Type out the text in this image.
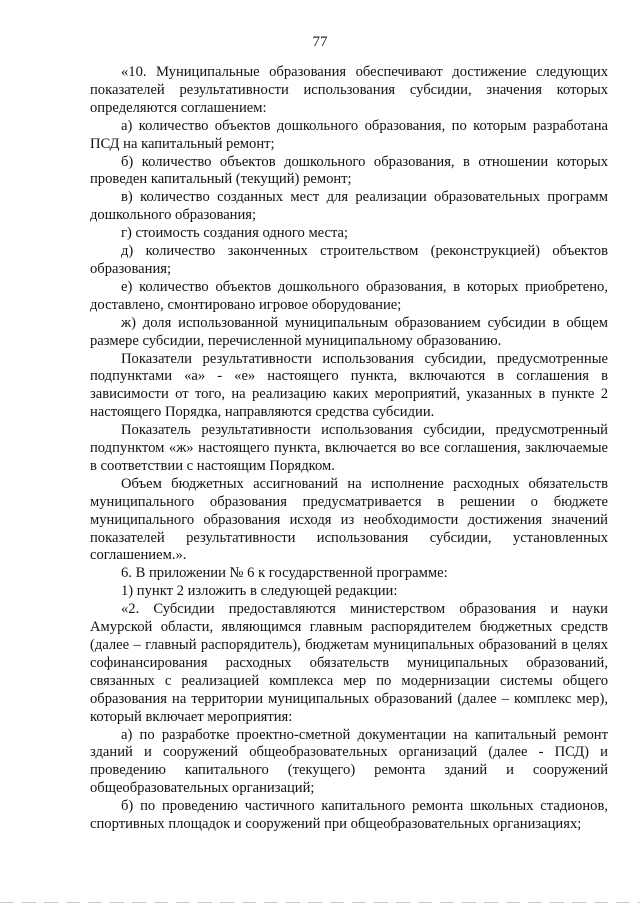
77

«10. Муниципальные образования обеспечивают достижение следующих показателей результативности использования субсидии, значения которых определяются соглашением:

а) количество объектов дошкольного образования, по которым разработана ПСД на капитальный ремонт;

б) количество объектов дошкольного образования, в отношении которых проведен капитальный (текущий) ремонт;

в) количество созданных мест для реализации образовательных программ дошкольного образования;

г) стоимость создания одного места;

д) количество законченных строительством (реконструкцией) объектов образования;

е) количество объектов дошкольного образования, в которых приобретено, доставлено, смонтировано игровое оборудование;

ж) доля использованной муниципальным образованием субсидии в общем размере субсидии, перечисленной муниципальному образованию.

Показатели результативности использования субсидии, предусмотренные подпунктами «а» - «е» настоящего пункта, включаются в соглашения в зависимости от того, на реализацию каких мероприятий, указанных в пункте 2 настоящего Порядка, направляются средства субсидии.

Показатель результативности использования субсидии, предусмотренный подпунктом «ж» настоящего пункта, включается во все соглашения, заключаемые в соответствии с настоящим Порядком.

Объем бюджетных ассигнований на исполнение расходных обязательств муниципального образования предусматривается в решении о бюджете муниципального образования исходя из необходимости достижения значений показателей результативности использования субсидии, установленных соглашением.».

6. В приложении № 6 к государственной программе:

1) пункт 2 изложить в следующей редакции:

«2. Субсидии предоставляются министерством образования и науки Амурской области, являющимся главным распорядителем бюджетных средств (далее – главный распорядитель), бюджетам муниципальных образований в целях софинансирования расходных обязательств муниципальных образований, связанных с реализацией комплекса мер по модернизации системы общего образования на территории муниципальных образований (далее – комплекс мер), который включает мероприятия:

а) по разработке проектно-сметной документации на капитальный ремонт зданий и сооружений общеобразовательных организаций (далее - ПСД) и проведению капитального (текущего) ремонта зданий и сооружений общеобразовательных организаций;

б) по проведению частичного капитального ремонта школьных стадионов, спортивных площадок и сооружений при общеобразовательных организациях;
